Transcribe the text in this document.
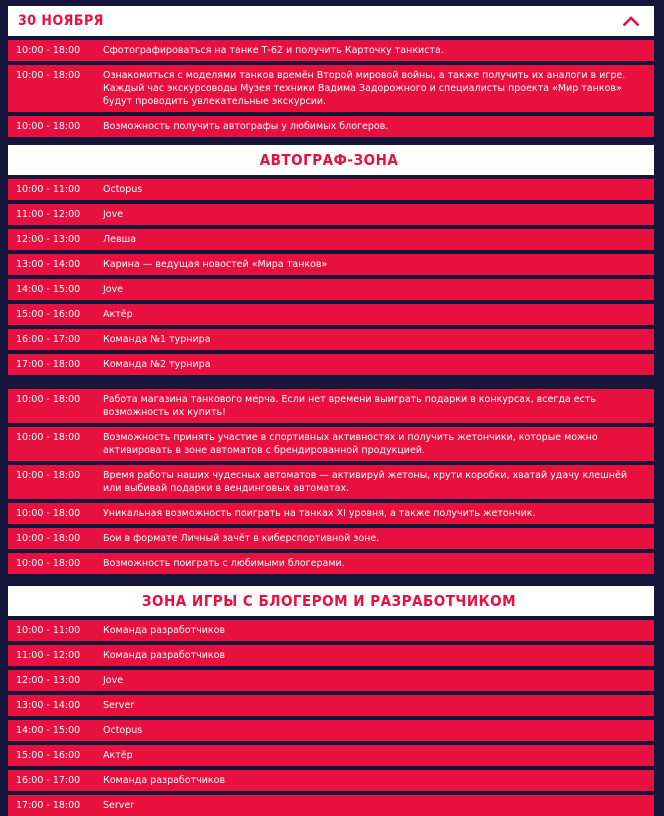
30 НОЯБРЯ
10:00 - 18:00	Сфотографироваться на танке Т-62 и получить Карточку танкиста.
10:00 - 18:00	Ознакомиться с моделями танков времён Второй мировой войны, а также получить их аналоги в игре. Каждый час экскурсоводы Музея техники Вадима Задорожного и специалисты проекта «Мир танков» будут проводить увлекательные экскурсии.
10:00 - 18:00	Возможность получить автографы у любимых блогеров.
АВТОГРАФ-ЗОНА
10:00 - 11:00	Octopus
11:00 - 12:00	Jove
12:00 - 13:00	Левша
13:00 - 14:00	Карина — ведущая новостей «Мира танков»
14:00 - 15:00	Jove
15:00 - 16:00	Актёр
16:00 - 17:00	Команда №1 турнира
17:00 - 18:00	Команда №2 турнира
10:00 - 18:00	Работа магазина танкового мерча. Если нет времени выиграть подарки в конкурсах, всегда есть возможность их купить!
10:00 - 18:00	Возможность принять участие в спортивных активностях и получить жетончики, которые можно активировать в зоне автоматов с брендированной продукцией.
10:00 - 18:00	Время работы наших чудесных автоматов — активируй жетоны, крути коробки, хватай удачу клешнёй или выбивай подарки в вендинговых автоматах.
10:00 - 18:00	Уникальная возможность поиграть на танках XI уровня, а также получить жетончик.
10:00 - 18:00	Бои в формате Личный зачёт в киберспортивной зоне.
10:00 - 18:00	Возможность поиграть с любимыми блогерами.
ЗОНА ИГРЫ С БЛОГЕРОМ И РАЗРАБОТЧИКОМ
10:00 - 11:00	Команда разработчиков
11:00 - 12:00	Команда разработчиков
12:00 - 13:00	Jove
13:00 - 14:00	Server
14:00 - 15:00	Octopus
15:00 - 16:00	Актёр
16:00 - 17:00	Команда разработчиков
17:00 - 18:00	Server
